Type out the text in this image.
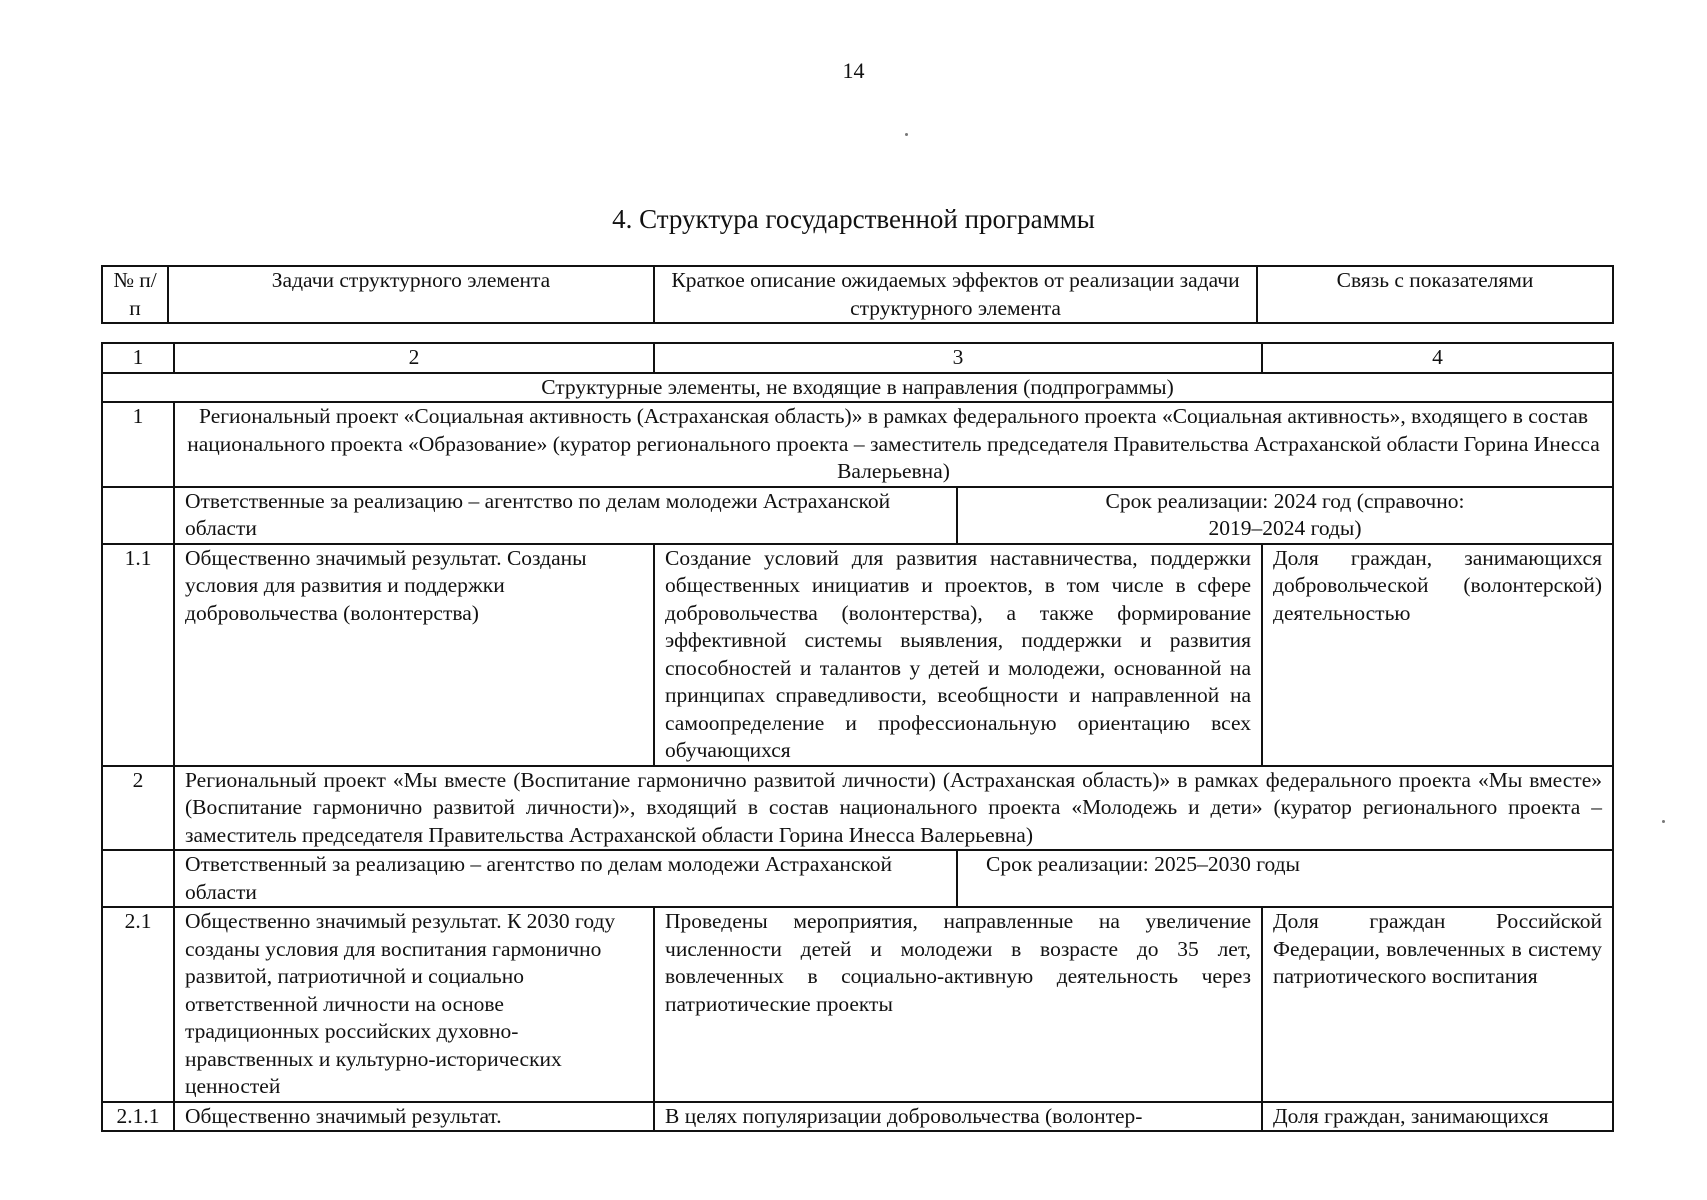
14
4. Структура государственной программы
№ п/п	Задачи структурного элемента	Краткое описание ожидаемых эффектов от реализации задачи структурного элемента	Связь с показателями
1	2	3		4
Структурные элементы, не входящие в направления (подпрограммы)				
1	Региональный проект «Социальная активность (Астраханская область)» в рамках федерального проекта «Социальная активность», входящего в состав национального проекта «Образование» (куратор регионального проекта – заместитель председателя Правительства Астраханской области Горина Инесса Валерьевна)			
	Ответственные за реализацию – агентство по делам молодежи Астраханской области		Срок реализации: 2024 год (справочно: 2019–2024 годы)	
1.1	Общественно значимый результат. Созданы условия для развития и поддержки добровольчества (волонтерства)	Создание условий для развития наставничества, поддержки общественных инициатив и проектов, в том числе в сфере добровольчества (волонтерства), а также формирование эффективной системы выявления, поддержки и развития способностей и талантов у детей и молодежи, основанной на принципах справедливости, всеобщности и направленной на самоопределение и профессиональную ориентацию всех обучающихся		Доля граждан, занимающихся добровольческой (волонтерской) деятельностью
2	Региональный проект «Мы вместе (Воспитание гармонично развитой личности) (Астраханская область)» в рамках федерального проекта «Мы вместе» (Воспитание гармонично развитой личности)», входящий в состав национального проекта «Молодежь и дети» (куратор регионального проекта – заместитель председателя Правительства Астраханской области Горина Инесса Валерьевна)			
	Ответственный за реализацию – агентство по делам молодежи Астраханской области		Срок реализации: 2025–2030 годы	
2.1	Общественно значимый результат. К 2030 году созданы условия для воспитания гармонично развитой, патриотичной и социально ответственной личности на основе традиционных российских духовно-нравственных и культурно-исторических ценностей	Проведены мероприятия, направленные на увеличение численности детей и молодежи в возрасте до 35 лет, вовлеченных в социально-активную деятельность через патриотические проекты		Доля граждан Российской Федерации, вовлеченных в систему патриотического воспитания
2.1.1	Общественно значимый результат.	В целях популяризации добровольчества (волонтер-		Доля граждан, занимающихся
